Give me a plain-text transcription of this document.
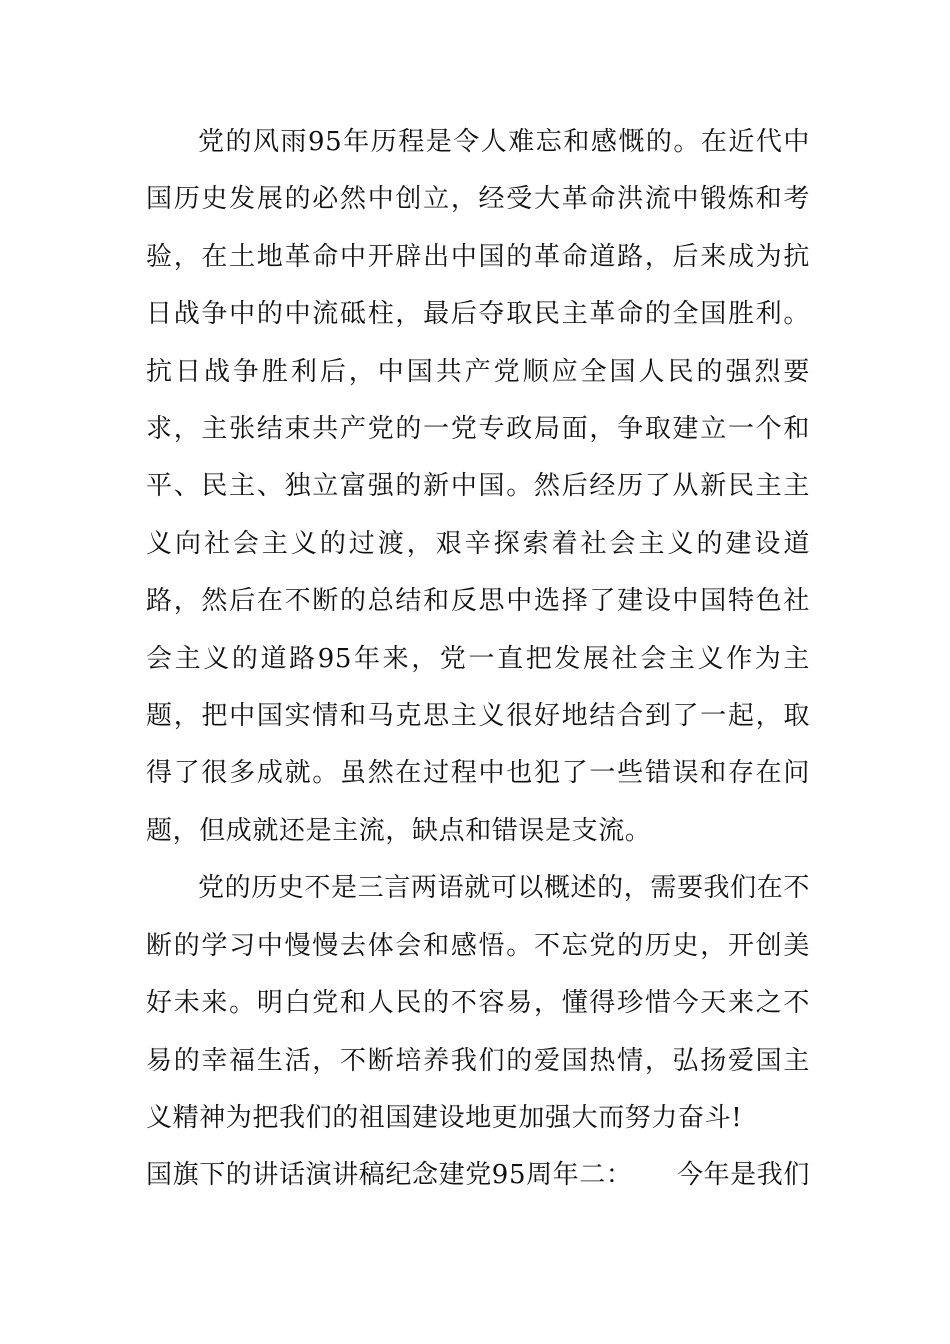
党的风雨95年历程是令人难忘和感慨的。在近代中国历史发展的必然中创立，经受大革命洪流中锻炼和考验，在土地革命中开辟出中国的革命道路，后来成为抗日战争中的中流砥柱，最后夺取民主革命的全国胜利。抗日战争胜利后，中国共产党顺应全国人民的强烈要求，主张结束共产党的一党专政局面，争取建立一个和平、民主、独立富强的新中国。然后经历了从新民主主义向社会主义的过渡，艰辛探索着社会主义的建设道路，然后在不断的总结和反思中选择了建设中国特色社会主义的道路95年来，党一直把发展社会主义作为主题，把中国实情和马克思主义很好地结合到了一起，取得了很多成就。虽然在过程中也犯了一些错误和存在问题，但成就还是主流，缺点和错误是支流。

党的历史不是三言两语就可以概述的，需要我们在不断的学习中慢慢去体会和感悟。不忘党的历史，开创美好未来。明白党和人民的不容易，懂得珍惜今天来之不易的幸福生活，不断培养我们的爱国热情，弘扬爱国主义精神为把我们的祖国建设地更加强大而努力奋斗!

国旗下的讲话演讲稿纪念建党95周年二： 今年是我们
